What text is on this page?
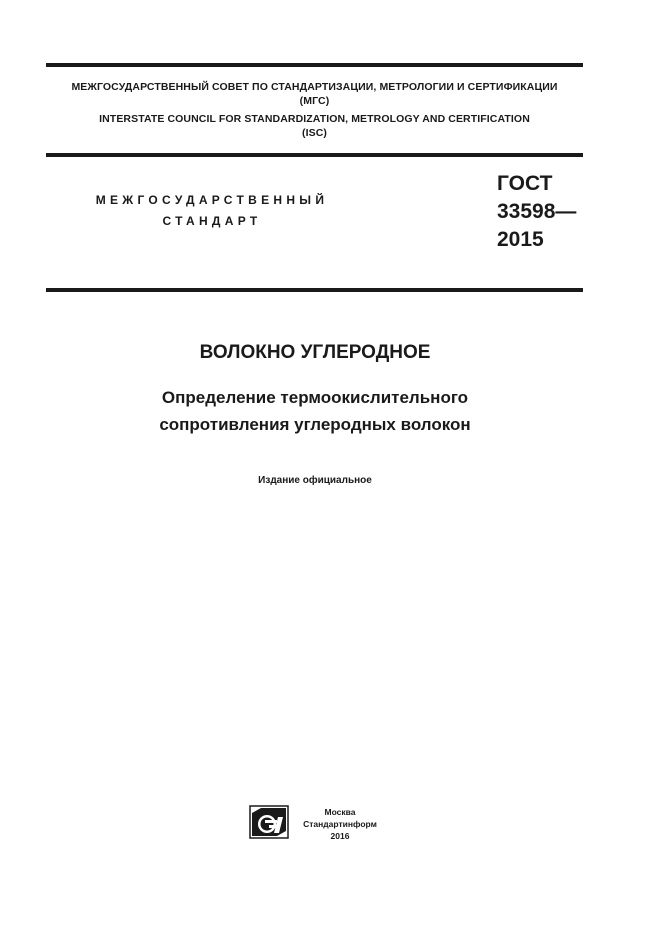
МЕЖГОСУДАРСТВЕННЫЙ СОВЕТ ПО СТАНДАРТИЗАЦИИ, МЕТРОЛОГИИ И СЕРТИФИКАЦИИ
(МГС)
INTERSTATE COUNCIL FOR STANDARDIZATION, METROLOGY AND CERTIFICATION
(ISC)
МЕЖГОСУДАРСТВЕННЫЙ
СТАНДАРТ
ГОСТ
33598—
2015
ВОЛОКНО УГЛЕРОДНОЕ
Определение термоокислительного
сопротивления углеродных волокон
Издание официальное
Москва
Стандартинформ
2016
